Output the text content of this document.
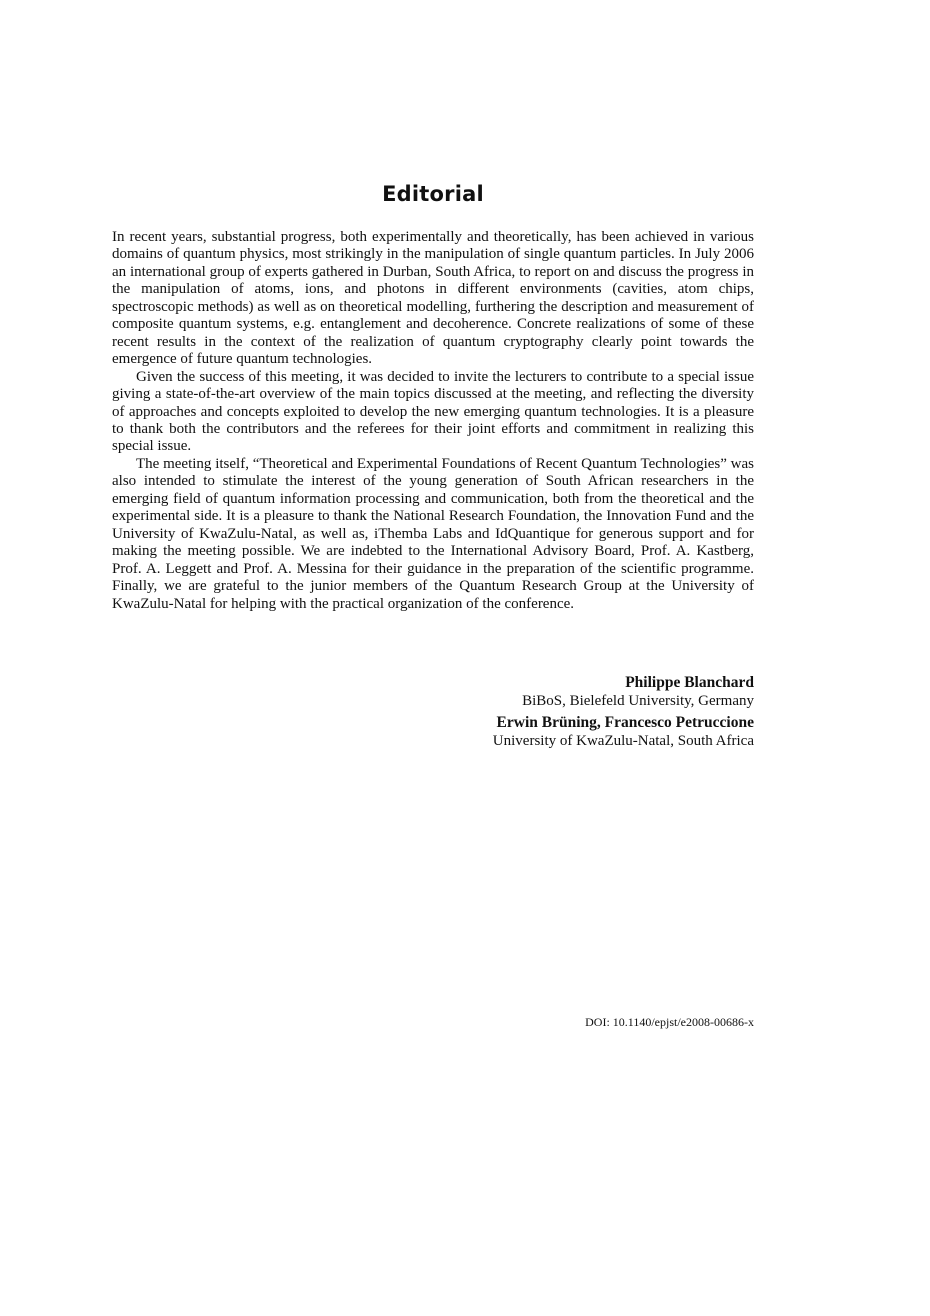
Editorial

In recent years, substantial progress, both experimentally and theoretically, has been achieved in various domains of quantum physics, most strikingly in the manipulation of single quantum particles. In July 2006 an international group of experts gathered in Durban, South Africa, to report on and discuss the progress in the manipulation of atoms, ions, and photons in different environments (cavities, atom chips, spectroscopic methods) as well as on theoretical modelling, furthering the description and measurement of composite quantum systems, e.g. entanglement and decoherence. Concrete realizations of some of these recent results in the context of the realization of quantum cryptography clearly point towards the emergence of future quantum technologies.

Given the success of this meeting, it was decided to invite the lecturers to contribute to a special issue giving a state-of-the-art overview of the main topics discussed at the meeting, and reflecting the diversity of approaches and concepts exploited to develop the new emerging quantum technologies. It is a pleasure to thank both the contributors and the referees for their joint efforts and commitment in realizing this special issue.

The meeting itself, “Theoretical and Experimental Foundations of Recent Quantum Technologies” was also intended to stimulate the interest of the young generation of South African researchers in the emerging field of quantum information processing and communication, both from the theoretical and the experimental side. It is a pleasure to thank the National Research Foundation, the Innovation Fund and the University of KwaZulu-Natal, as well as, iThemba Labs and IdQuantique for generous support and for making the meeting possible. We are indebted to the International Advisory Board, Prof. A. Kastberg, Prof. A. Leggett and Prof. A. Messina for their guidance in the preparation of the scientific programme. Finally, we are grateful to the junior members of the Quantum Research Group at the University of KwaZulu-Natal for helping with the practical organization of the conference.

Philippe Blanchard
BiBoS, Bielefeld University, Germany
Erwin Brüning, Francesco Petruccione
University of KwaZulu-Natal, South Africa
DOI: 10.1140/epjst/e2008-00686-x
